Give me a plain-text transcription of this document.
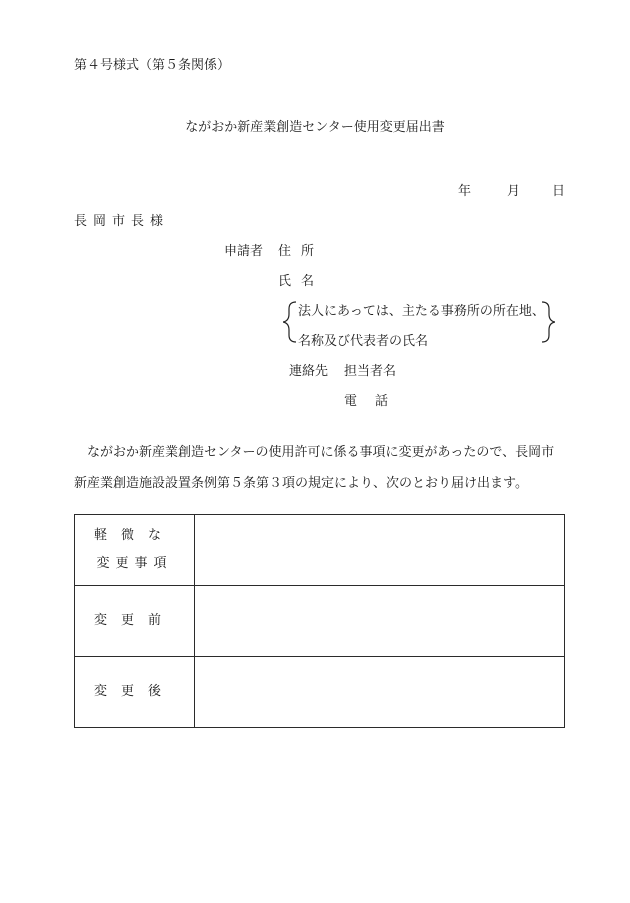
第４号様式（第５条関係）
ながおか新産業創造センター使用変更届出書
年	月 日
長岡市長様
申請者 住所
氏名
法人にあっては、主たる事務所の所在地、
名称及び代表者の氏名
連絡先 担当者名
電話
ながおか新産業創造センターの使用許可に係る事項に変更があったので、長岡市新産業創造施設設置条例第５条第３項の規定により、次のとおり届け出ます。
軽微な
変更事項	

変更前	

変更後	
